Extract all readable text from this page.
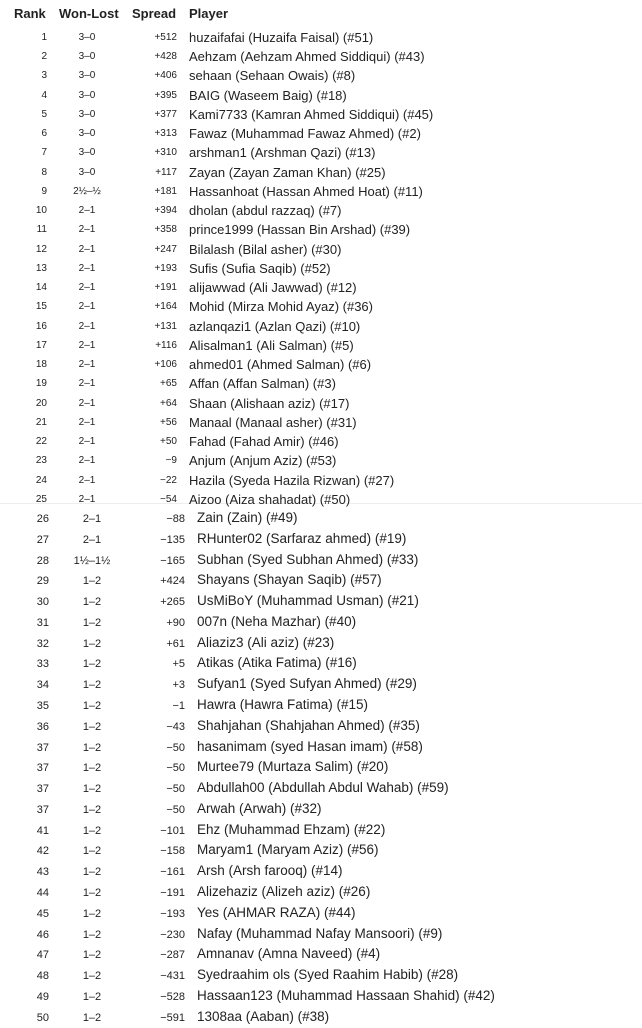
Rank Won-Lost Spread Player
1	3–0	+512 huzaifafai (Huzaifa Faisal) (#51)
2	3–0	+428 Aehzam (Aehzam Ahmed Siddiqui) (#43)
3	3–0	+406 sehaan (Sehaan Owais) (#8)
4	3–0	+395 BAIG (Waseem Baig) (#18)
5	3–0	+377 Kami7733 (Kamran Ahmed Siddiqui) (#45)
6	3–0	+313 Fawaz (Muhammad Fawaz Ahmed) (#2)
7	3–0	+310 arshman1 (Arshman Qazi) (#13)
8	3–0	+117 Zayan (Zayan Zaman Khan) (#25)
9	2½–½	+181 Hassanhoat (Hassan Ahmed Hoat) (#11)
10	2–1	+394 dholan (abdul razzaq) (#7)
11	2–1	+358 prince1999 (Hassan Bin Arshad) (#39)
12	2–1	+247 Bilalash (Bilal asher) (#30)
13	2–1	+193 Sufis (Sufia Saqib) (#52)
14	2–1	+191 alijawwad (Ali Jawwad) (#12)
15	2–1	+164 Mohid (Mirza Mohid Ayaz) (#36)
16	2–1	+131 azlanqazi1 (Azlan Qazi) (#10)
17	2–1	+116 Alisalman1 (Ali Salman) (#5)
18	2–1	+106 ahmed01 (Ahmed Salman) (#6)
19	2–1	+65 Affan (Affan Salman) (#3)
20	2–1	+64 Shaan (Alishaan aziz) (#17)
21	2–1	+56 Manaal (Manaal asher) (#31)
22	2–1	+50 Fahad (Fahad Amir) (#46)
23	2–1	−9 Anjum (Anjum Aziz) (#53)
24	2–1	−22 Hazila (Syeda Hazila Rizwan) (#27)
25	2–1	−54 Aizoo (Aiza shahadat) (#50)
26	2–1	−88 Zain (Zain) (#49)
27	2–1	−135 RHunter02 (Sarfaraz ahmed) (#19)
28	1½–1½	−165 Subhan (Syed Subhan Ahmed) (#33)
29	1–2	+424 Shayans (Shayan Saqib) (#57)
30	1–2	+265 UsMiBoY (Muhammad Usman) (#21)
31	1–2	+90 007n (Neha Mazhar) (#40)
32	1–2	+61 Aliaziz3 (Ali aziz) (#23)
33	1–2	+5 Atikas (Atika Fatima) (#16)
34	1–2	+3 Sufyan1 (Syed Sufyan Ahmed) (#29)
35	1–2	−1 Hawra (Hawra Fatima) (#15)
36	1–2	−43 Shahjahan (Shahjahan Ahmed) (#35)
37	1–2	−50 hasanimam (syed Hasan imam) (#58)
37	1–2	−50 Murtee79 (Murtaza Salim) (#20)
37	1–2	−50 Abdullah00 (Abdullah Abdul Wahab) (#59)
37	1–2	−50 Arwah (Arwah) (#32)
41	1–2	−101 Ehz (Muhammad Ehzam) (#22)
42	1–2	−158 Maryam1 (Maryam Aziz) (#56)
43	1–2	−161 Arsh (Arsh farooq) (#14)
44	1–2	−191 Alizehaziz (Alizeh aziz) (#26)
45	1–2	−193 Yes (AHMAR RAZA) (#44)
46	1–2	−230 Nafay (Muhammad Nafay Mansoori) (#9)
47	1–2	−287 Amnanav (Amna Naveed) (#4)
48	1–2	−431 Syedraahim ols (Syed Raahim Habib) (#28)
49	1–2	−528 Hassaan123 (Muhammad Hassaan Shahid) (#42)
50	1–2	−591 1308aa (Aaban) (#38)
